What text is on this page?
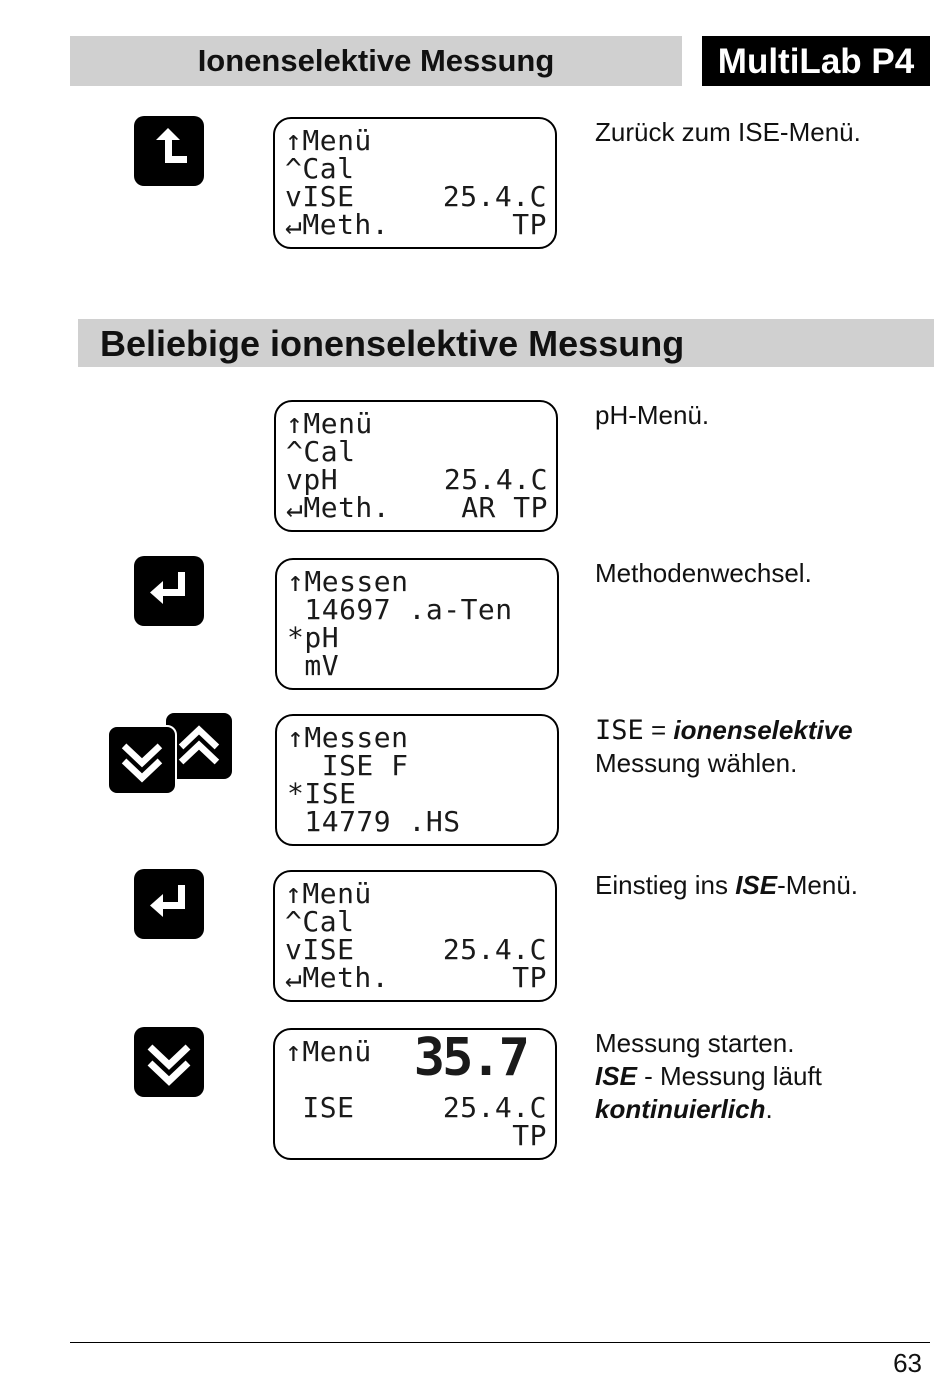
Ionenselektive Messung	MultiLab P4
↑Menü
^Cal
vISE	25.4.C
↵Meth.	TP
Zurück zum ISE-Menü.
Beliebige ionenselektive Messung
↑Menü
^Cal
vpH	25.4.C
↵Meth.	AR TP
pH-Menü.
↑Messen
14697 .a-Ten
*pH
mV
Methodenwechsel.
↑Messen
ISE F
*ISE
14779 .HS
ISE = ionenselektive
Messung wählen.
↑Menü
^Cal
vISE	25.4.C
↵Meth.	TP
Einstieg ins ISE-Menü.
↑Menü 35.7
ISE	25.4.C
TP
Messung starten.
ISE - Messung läuft
kontinuierlich.
63
